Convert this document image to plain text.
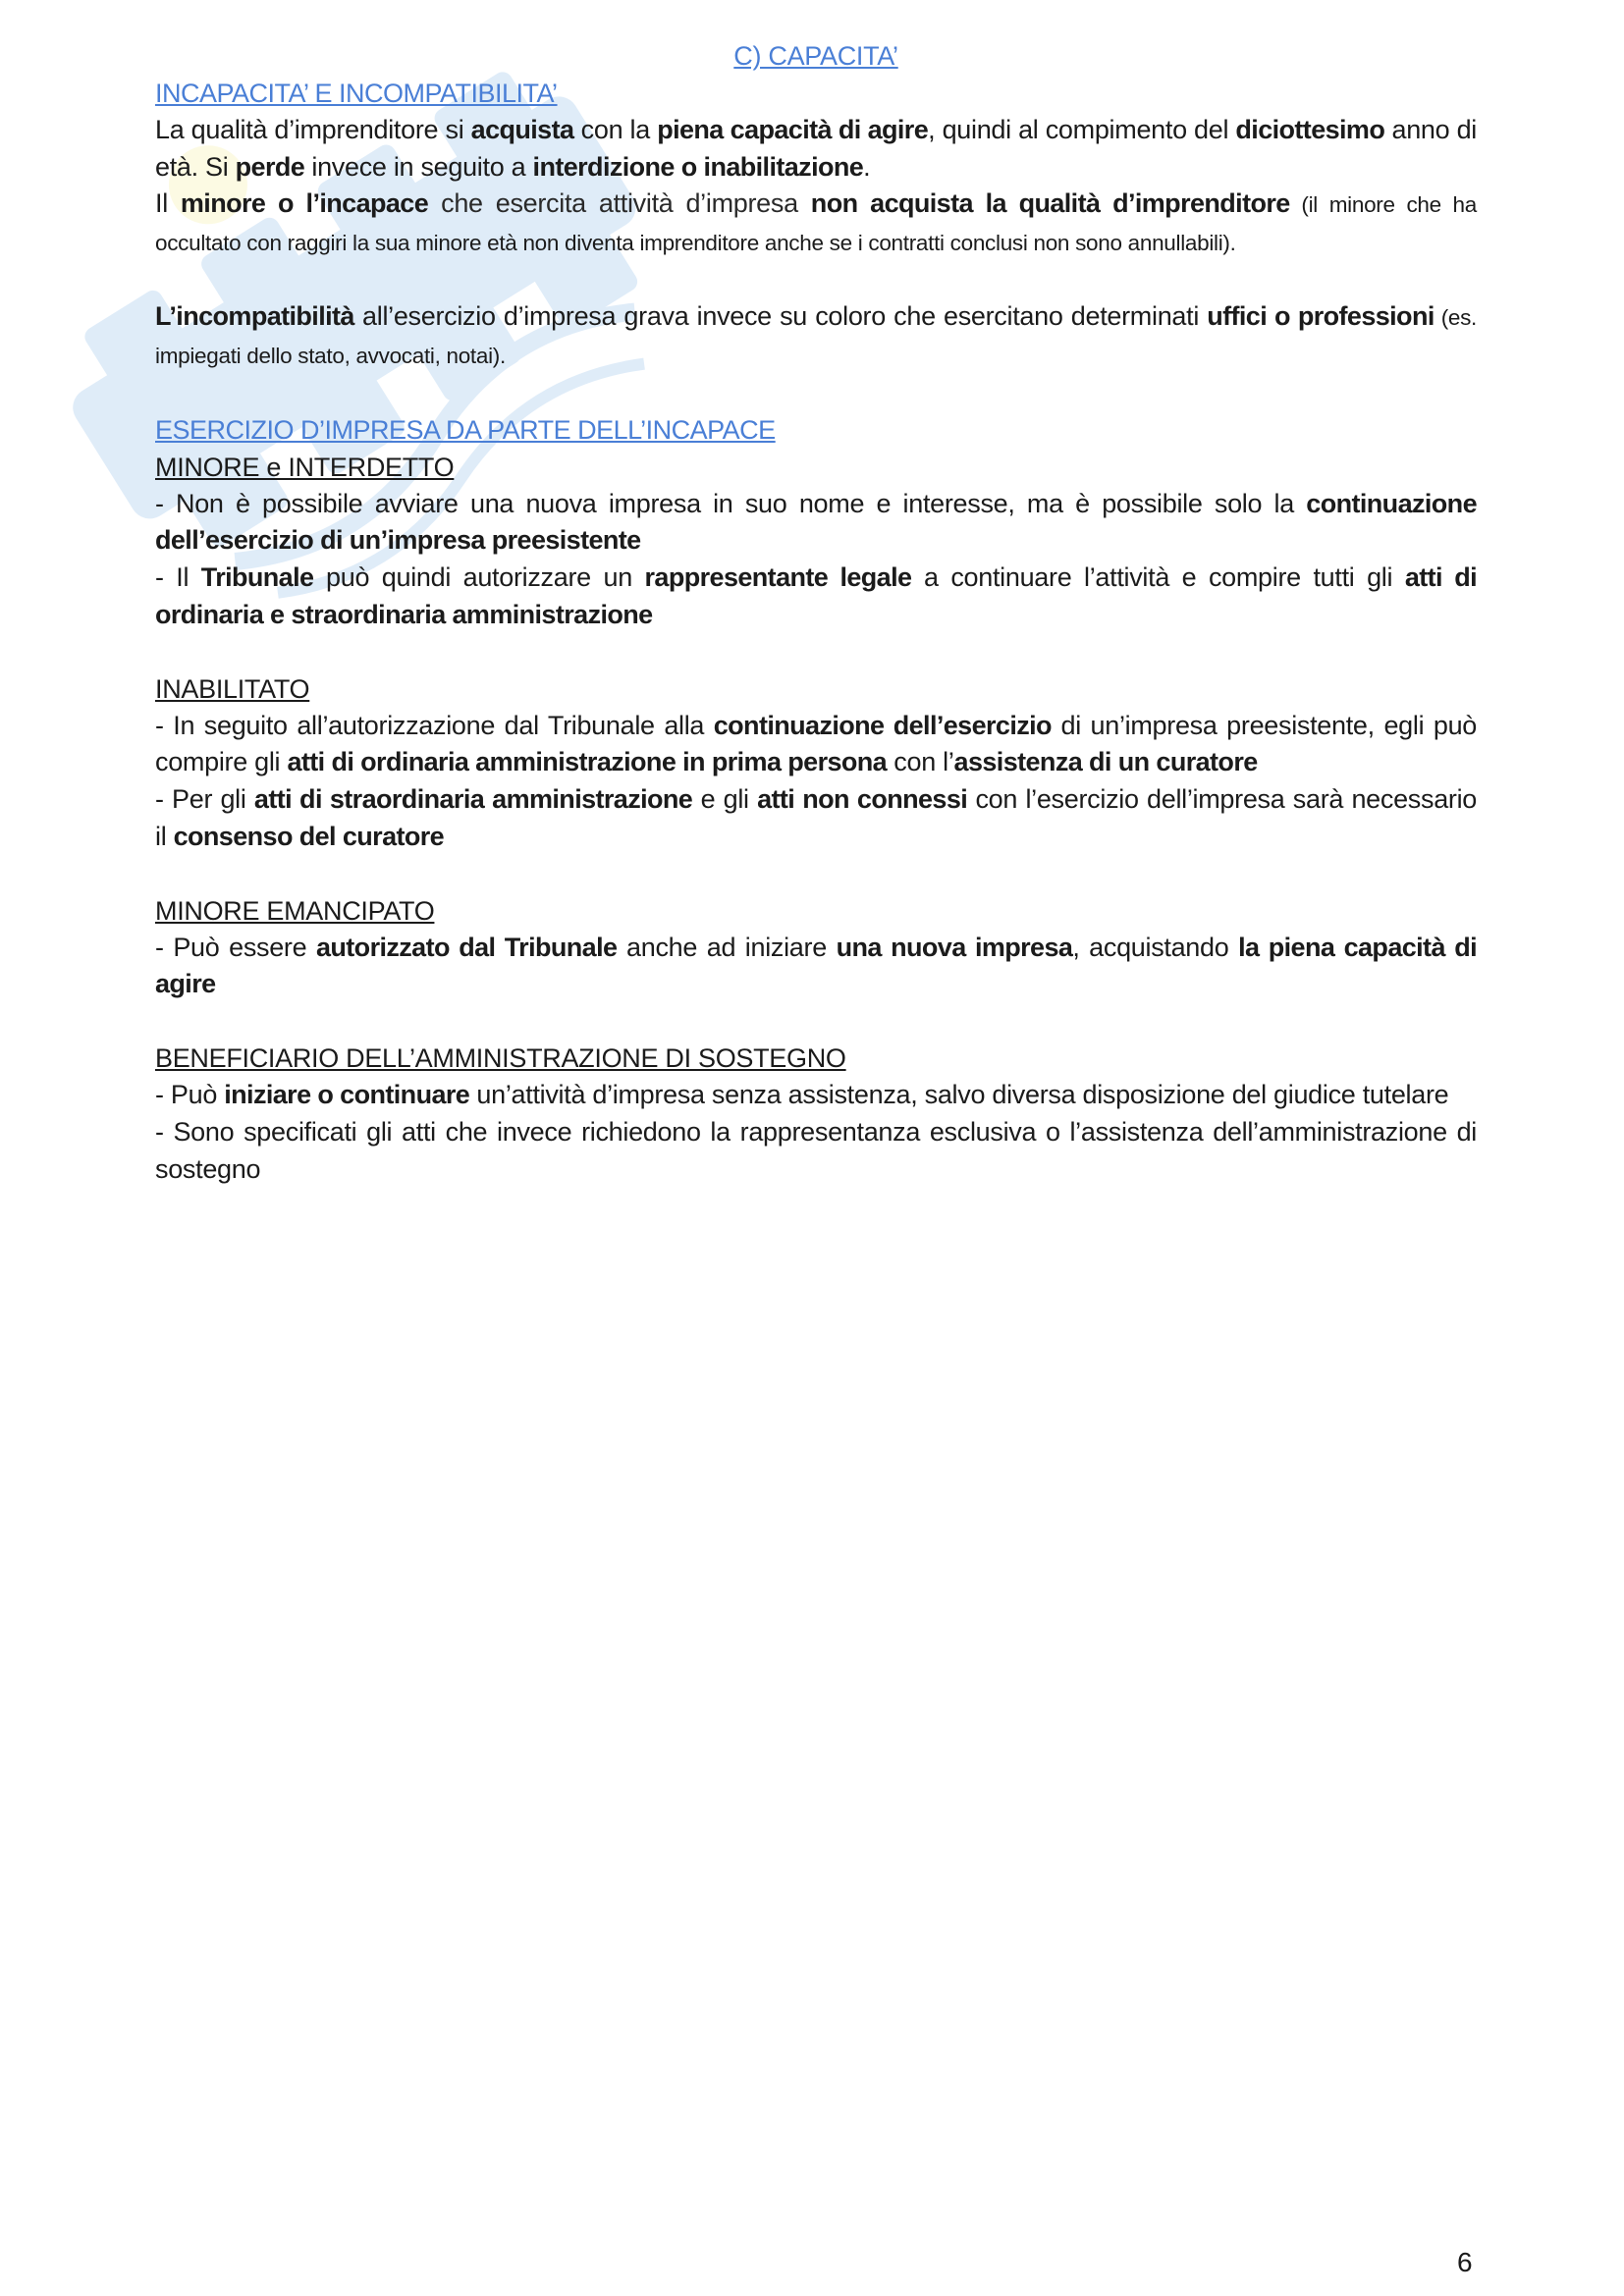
C) CAPACITA’
INCAPACITA’ E INCOMPATIBILITA’

La qualità d’imprenditore si acquista con la piena capacità di agire, quindi al compimento del diciottesimo anno di età. Si perde invece in seguito a interdizione o inabilitazione.

Il minore o l’incapace che esercita attività d’impresa non acquista la qualità d’imprenditore (il minore che ha occultato con raggiri la sua minore età non diventa imprenditore anche se i contratti conclusi non sono annullabili).

L’incompatibilità all’esercizio d’impresa grava invece su coloro che esercitano determinati uffici o professioni (es. impiegati dello stato, avvocati, notai).

ESERCIZIO D’IMPRESA DA PARTE DELL’INCAPACE
MINORE e INTERDETTO

- Non è possibile avviare una nuova impresa in suo nome e interesse, ma è possibile solo la continuazione dell’esercizio di un’impresa preesistente

- Il Tribunale può quindi autorizzare un rappresentante legale a continuare l’attività e compire tutti gli atti di ordinaria e straordinaria amministrazione

INABILITATO

- In seguito all’autorizzazione dal Tribunale alla continuazione dell’esercizio di un’impresa preesistente, egli può compire gli atti di ordinaria amministrazione in prima persona con l’assistenza di un curatore

- Per gli atti di straordinaria amministrazione e gli atti non connessi con l’esercizio dell’impresa sarà necessario il consenso del curatore

MINORE EMANCIPATO

- Può essere autorizzato dal Tribunale anche ad iniziare una nuova impresa, acquistando la piena capacità di agire

BENEFICIARIO DELL’AMMINISTRAZIONE DI SOSTEGNO

- Può iniziare o continuare un’attività d’impresa senza assistenza, salvo diversa disposizione del giudice tutelare

- Sono specificati gli atti che invece richiedono la rappresentanza esclusiva o l’assistenza dell’amministrazione di sostegno

6
